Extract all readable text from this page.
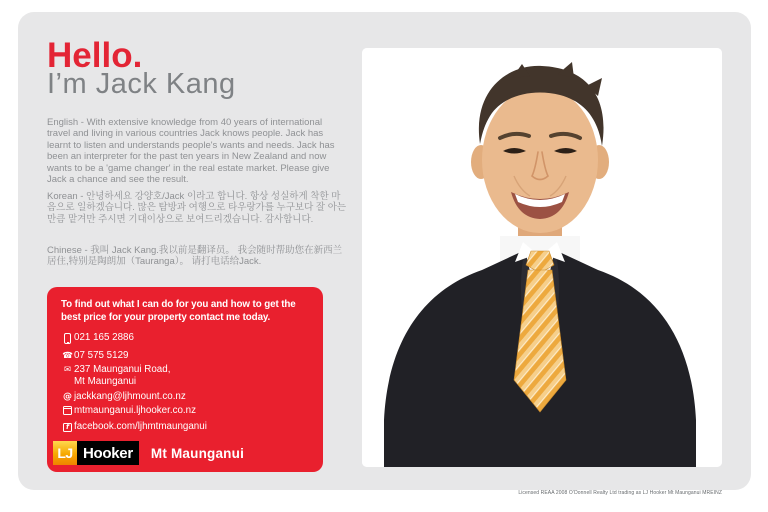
Hello.
I’m Jack Kang

English - With extensive knowledge from 40 years of international travel and living in various countries Jack knows people. Jack has learnt to listen and understands people's wants and needs. Jack has been an interpreter for the past ten years in New Zealand and now wants to be a 'game changer' in the real estate market. Please give Jack a chance and see the result.

Korean - 안녕하세요 강양호/Jack 이라고 합니다. 항상 성실하게 착한 마음으로 일하겠습니다. 많은 탐방과 여행으로 타우랑가를 누구보다 잘 아는 만큼 맡겨만 주시면 기대이상으로 보여드리겠습니다. 감사합니다.

Chinese - 我叫 Jack Kang.我以前是翻译员。 我会随时帮助您在新西兰居住,特别是陶朗加（Tauranga）。 请打电话给Jack.

To find out what I can do for you and how to get the best price for your property contact me today.
021 165 2886
☎ 07 575 5129
✉ 237 Maunganui Road,
Mt Maunganui
@ jackkang@ljhmount.co.nz
mtmaunganui.ljhooker.co.nz
f facebook.com/ljhmtmaunganui
LJ Hooker	Mt Maunganui
Licensed REAA 2008 O’Donnell Realty Ltd trading as LJ Hooker Mt Maunganui MREINZ
